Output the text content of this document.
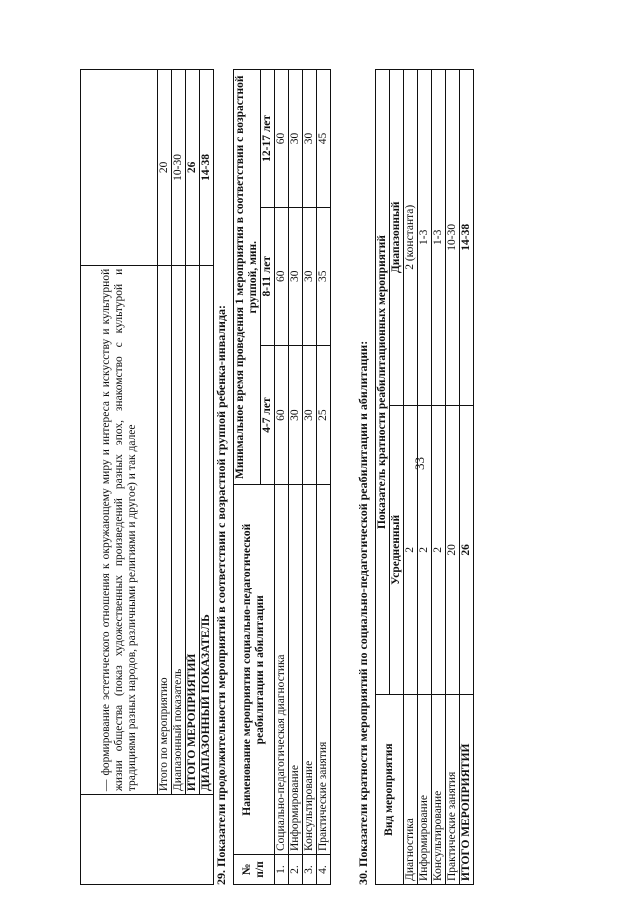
33
	— формирование эстетического отношения к окружающему миру и интереса к искусству и культурной жизни общества (показ художественных произведений разных эпох, знакомство с культурой и традициями разных народов, различными религиями и другое) и так далее	
	Итого по мероприятию	20
	Диапазонный показатель	10-30
	ИТОГО МЕРОПРИЯТИЙ	26
	ДИАПАЗОННЫЙ ПОКАЗАТЕЛЬ	14-38
29. Показатели продолжительности мероприятий в соответствии с возрастной группой ребенка-инвалида: № п/п	Наименование мероприятия социально-педагогической реабилитации и абилитации	Минимальное время проведения 1 мероприятия в соответствии с возрастной группой, мин.		
		4-7 лет	8-11 лет	12-17 лет
1.	Социально-педагогическая диагностика	60	60	60
2.	Информирование	30	30	30
3.	Консультирование	30	30	30
4.	Практические занятия	25	35	45
30. Показатели кратности мероприятий по социально-педагогической реабилитации и абилитации: Вид мероприятия	Показатель кратности реабилитационных мероприятий	
	Усредненный	Диапазонный
Диагностика	2	2 (константа)
Информирование	2	1-3
Консультирование	2	1-3
Практические занятия	20	10-30
ИТОГО МЕРОПРИЯТИЙ	26	14-38
